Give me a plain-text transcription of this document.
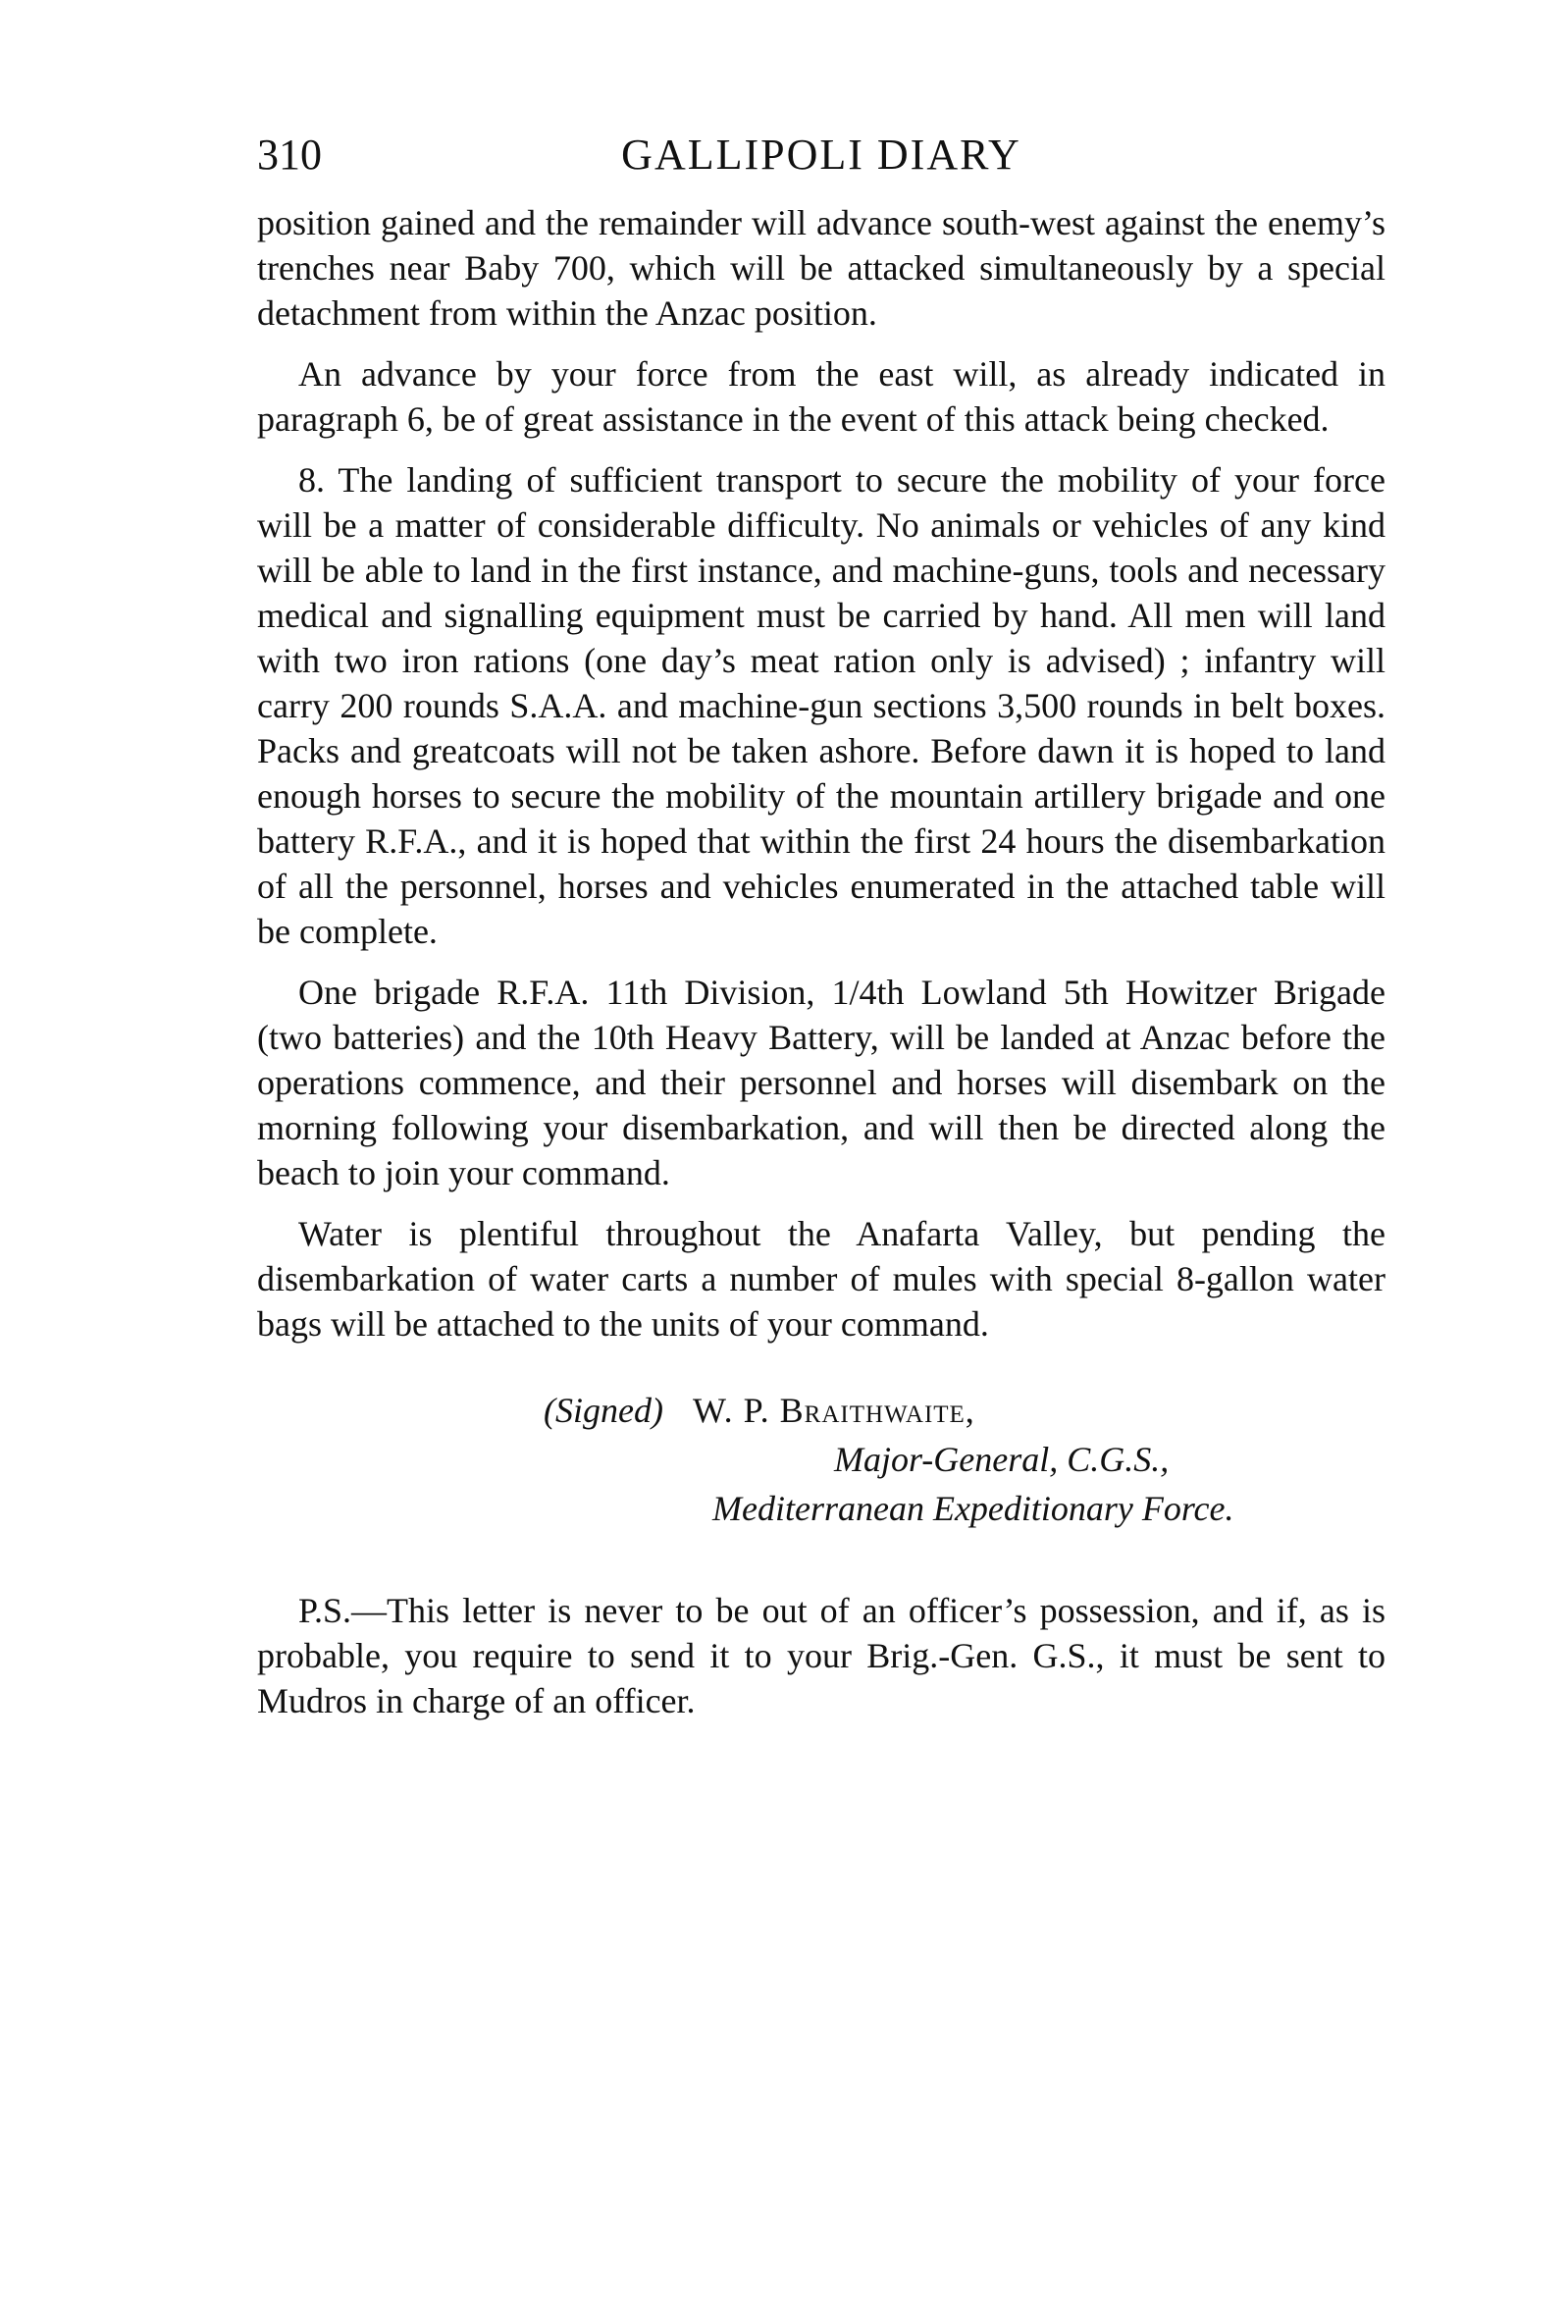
310	GALLIPOLI DIARY

position gained and the remainder will advance south-west against the enemy’s trenches near Baby 700, which will be attacked simultaneously by a special detachment from within the Anzac position.

An advance by your force from the east will, as already indicated in paragraph 6, be of great assistance in the event of this attack being checked.

8. The landing of sufficient transport to secure the mobility of your force will be a matter of considerable difficulty. No animals or vehicles of any kind will be able to land in the first instance, and machine-guns, tools and necessary medical and signalling equipment must be carried by hand. All men will land with two iron rations (one day’s meat ration only is advised) ; infantry will carry 200 rounds S.A.A. and machine-gun sections 3,500 rounds in belt boxes. Packs and greatcoats will not be taken ashore. Before dawn it is hoped to land enough horses to secure the mobility of the mountain artillery brigade and one battery R.F.A., and it is hoped that within the first 24 hours the disembarkation of all the personnel, horses and vehicles enumerated in the attached table will be complete.

One brigade R.F.A. 11th Division, 1/4th Lowland 5th Howitzer Brigade (two batteries) and the 10th Heavy Battery, will be landed at Anzac before the operations commence, and their personnel and horses will disembark on the morning following your disembarkation, and will then be directed along the beach to join your command.

Water is plentiful throughout the Anafarta Valley, but pending the disembarkation of water carts a number of mules with special 8-gallon water bags will be attached to the units of your command.

(Signed) W. P. Braithwaite,
Major-General, C.G.S.,
Mediterranean Expeditionary Force.

P.S.—This letter is never to be out of an officer’s possession, and if, as is probable, you require to send it to your Brig.-Gen. G.S., it must be sent to Mudros in charge of an officer.
